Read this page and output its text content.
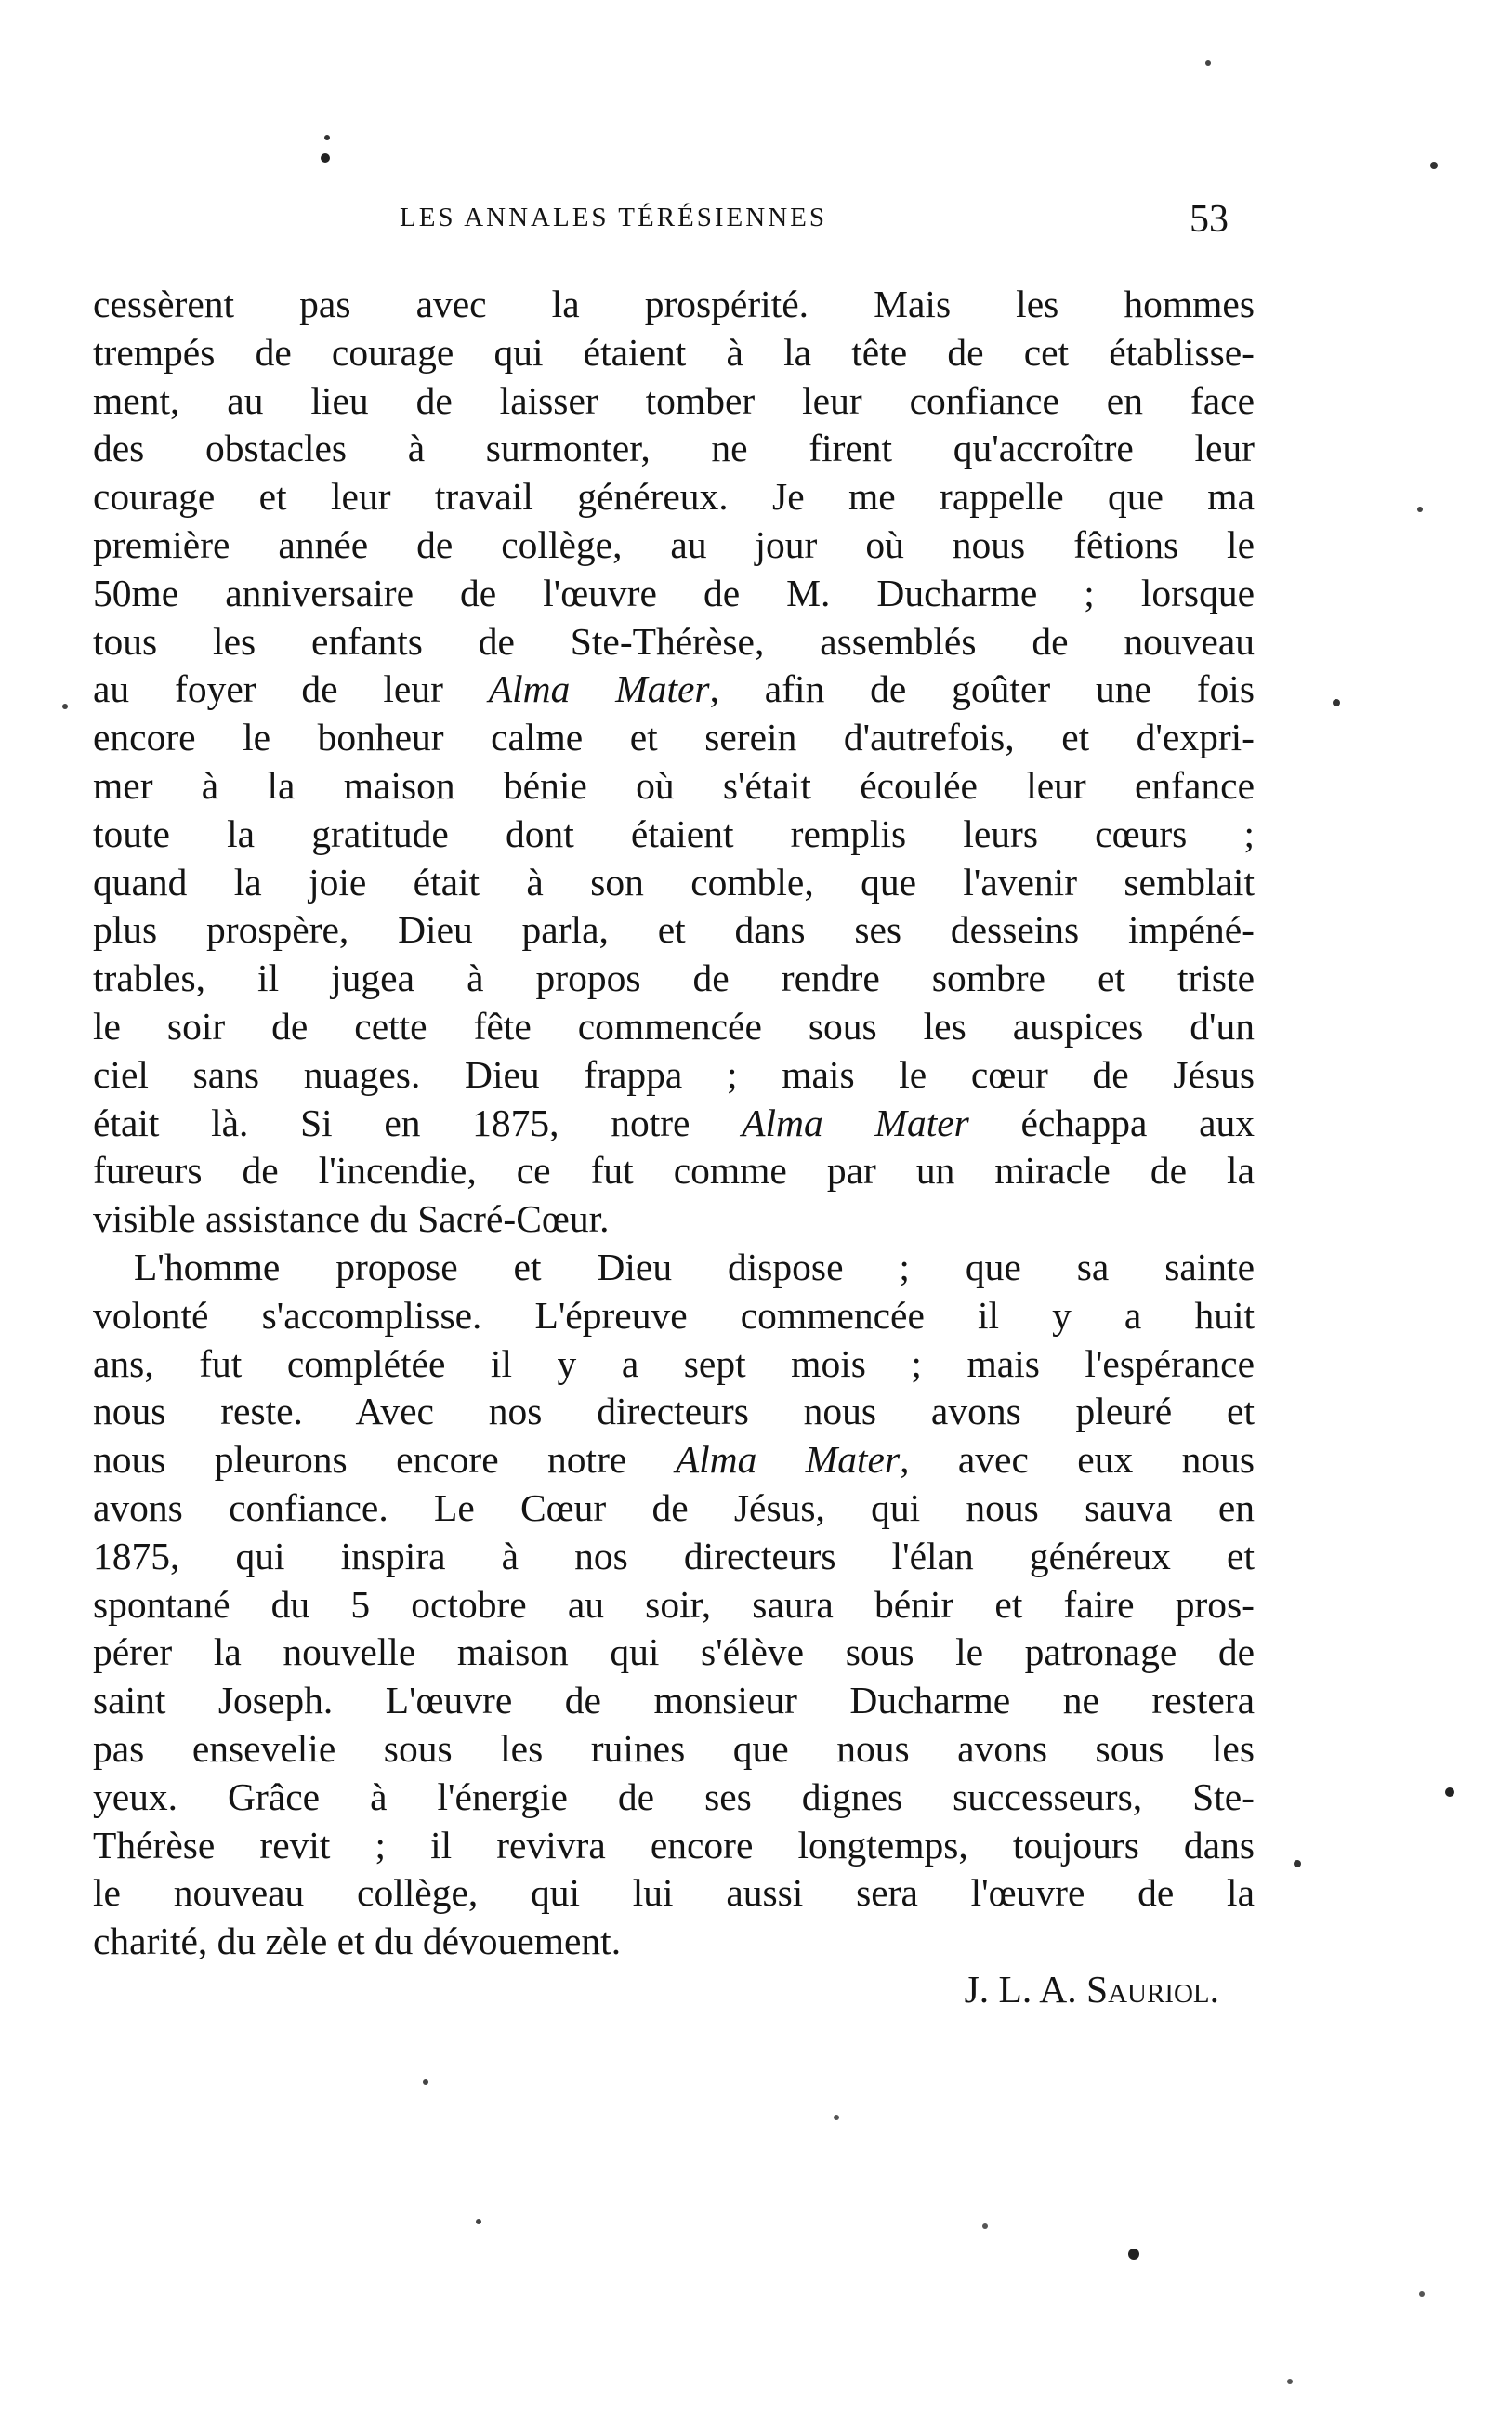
LES ANNALES TÉRÉSIENNES	53
cessèrent pas avec la prospérité. Mais les hommes
trempés de courage qui étaient à la tête de cet établisse-
ment, au lieu de laisser tomber leur confiance en face
des obstacles à surmonter, ne firent qu'accroître leur
courage et leur travail généreux. Je me rappelle que ma
première année de collège, au jour où nous fêtions le
50me anniversaire de l'œuvre de M. Ducharme ; lorsque
tous les enfants de Ste-Thérèse, assemblés de nouveau
au foyer de leur Alma Mater, afin de goûter une fois
encore le bonheur calme et serein d'autrefois, et d'expri-
mer à la maison bénie où s'était écoulée leur enfance
toute la gratitude dont étaient remplis leurs cœurs ;
quand la joie était à son comble, que l'avenir semblait
plus prospère, Dieu parla, et dans ses desseins impéné-
trables, il jugea à propos de rendre sombre et triste
le soir de cette fête commencée sous les auspices d'un
ciel sans nuages. Dieu frappa ; mais le cœur de Jésus
était là. Si en 1875, notre Alma Mater échappa aux
fureurs de l'incendie, ce fut comme par un miracle de la
visible assistance du Sacré-Cœur.
L'homme propose et Dieu dispose ; que sa sainte
volonté s'accomplisse. L'épreuve commencée il y a huit
ans, fut complétée il y a sept mois ; mais l'espérance
nous reste. Avec nos directeurs nous avons pleuré et
nous pleurons encore notre Alma Mater, avec eux nous
avons confiance. Le Cœur de Jésus, qui nous sauva en
1875, qui inspira à nos directeurs l'élan généreux et
spontané du 5 octobre au soir, saura bénir et faire pros-
pérer la nouvelle maison qui s'élève sous le patronage de
saint Joseph. L'œuvre de monsieur Ducharme ne restera
pas ensevelie sous les ruines que nous avons sous les
yeux. Grâce à l'énergie de ses dignes successeurs, Ste-
Thérèse revit ; il revivra encore longtemps, toujours dans
le nouveau collège, qui lui aussi sera l'œuvre de la
charité, du zèle et du dévouement.
J. L. A. Sauriol.
